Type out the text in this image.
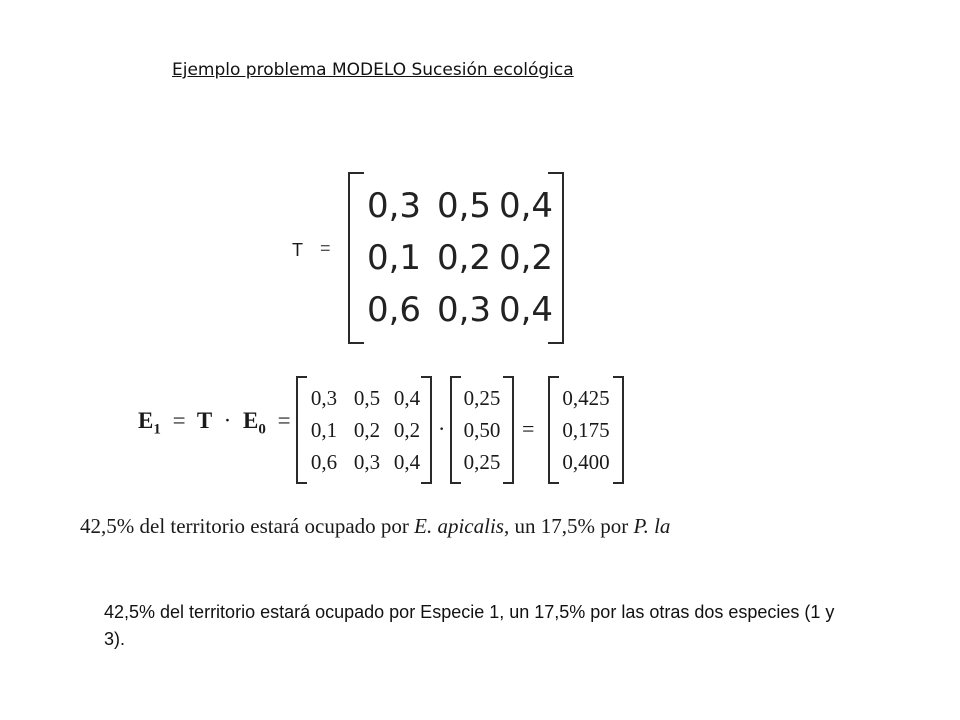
Ejemplo problema MODELO Sucesión ecológica
T =
0,3 0,5 0,4
0,1 0,2 0,2
0,6 0,3 0,4
$E_1 = T \cdot E_0$ =
0,3 0,5 0,4
0,1 0,2 0,2
0,6 0,3 0,4
·
0,25
0,50
0,25
=
0,425
0,175
0,400
42,5% del territorio estará ocupado por E. apicalis, un 17,5% por P. la
42,5% del territorio estará ocupado por Especie 1, un 17,5% por las otras dos especies (1 y 3).
